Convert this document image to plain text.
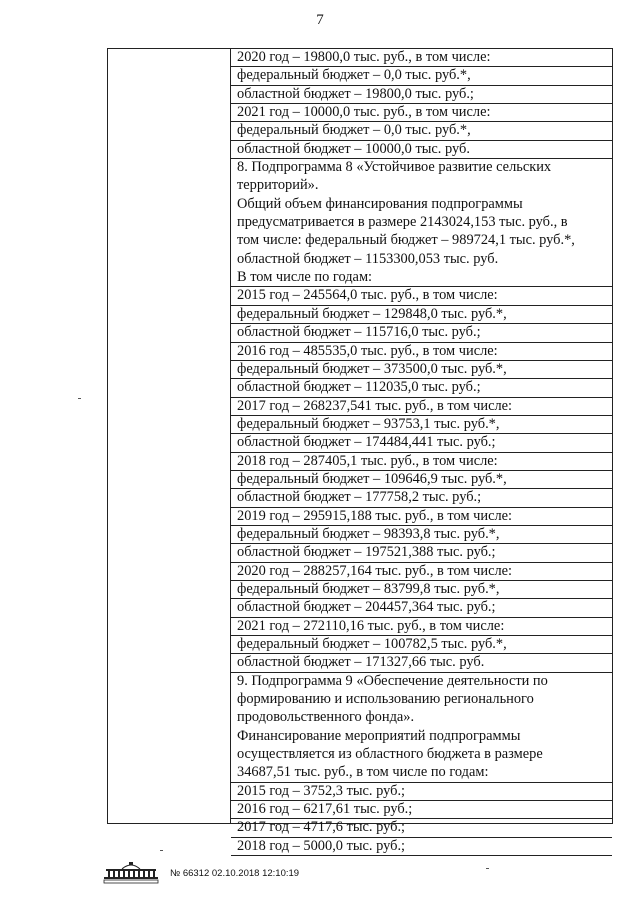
7
2020 год – 19800,0 тыс. руб., в том числе:
федеральный бюджет – 0,0 тыс. руб.*,
областной бюджет – 19800,0 тыс. руб.;
2021 год – 10000,0 тыс. руб., в том числе:
федеральный бюджет – 0,0 тыс. руб.*,
областной бюджет – 10000,0 тыс. руб.
8. Подпрограмма 8 «Устойчивое развитие сельских
территорий».
Общий объем финансирования подпрограммы
предусматривается в размере 2143024,153 тыс. руб., в
том числе: федеральный бюджет – 989724,1 тыс. руб.*,
областной бюджет – 1153300,053 тыс. руб.
В том числе по годам:
2015 год – 245564,0 тыс. руб., в том числе:
федеральный бюджет – 129848,0 тыс. руб.*,
областной бюджет – 115716,0 тыс. руб.;
2016 год – 485535,0 тыс. руб., в том числе:
федеральный бюджет – 373500,0 тыс. руб.*,
областной бюджет – 112035,0 тыс. руб.;
2017 год – 268237,541 тыс. руб., в том числе:
федеральный бюджет – 93753,1 тыс. руб.*,
областной бюджет – 174484,441 тыс. руб.;
2018 год – 287405,1 тыс. руб., в том числе:
федеральный бюджет – 109646,9 тыс. руб.*,
областной бюджет – 177758,2 тыс. руб.;
2019 год – 295915,188 тыс. руб., в том числе:
федеральный бюджет – 98393,8 тыс. руб.*,
областной бюджет – 197521,388 тыс. руб.;
2020 год – 288257,164 тыс. руб., в том числе:
федеральный бюджет – 83799,8 тыс. руб.*,
областной бюджет – 204457,364 тыс. руб.;
2021 год – 272110,16 тыс. руб., в том числе:
федеральный бюджет – 100782,5 тыс. руб.*,
областной бюджет – 171327,66 тыс. руб.
9. Подпрограмма 9 «Обеспечение деятельности по
формированию и использованию регионального
продовольственного фонда».
Финансирование мероприятий подпрограммы
осуществляется из областного бюджета в размере
34687,51 тыс. руб., в том числе по годам:
2015 год – 3752,3 тыс. руб.;
2016 год – 6217,61 тыс. руб.;
2017 год – 4717,6 тыс. руб.;
2018 год – 5000,0 тыс. руб.;
№ 66312 02.10.2018 12:10:19
